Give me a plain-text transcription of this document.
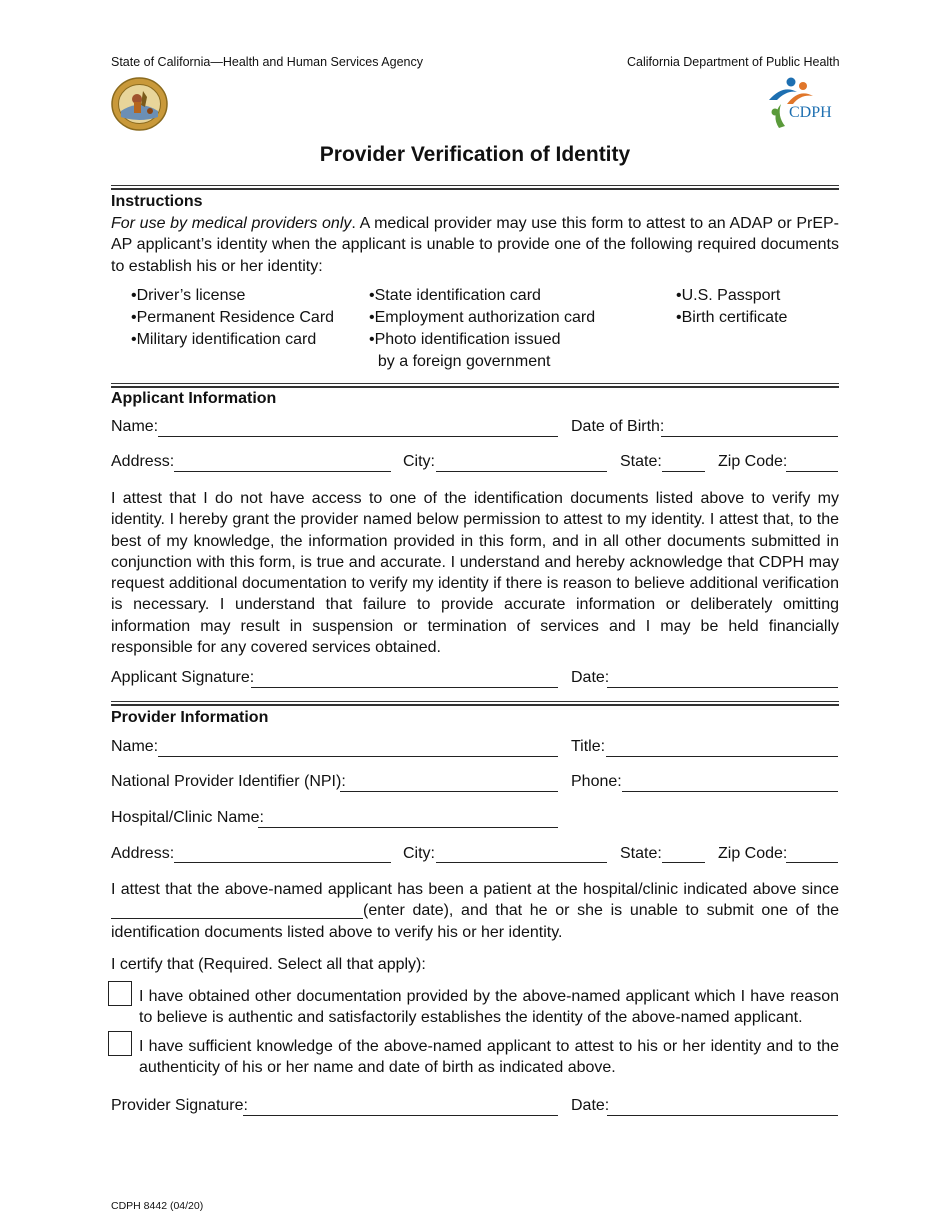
State of California—Health and Human Services Agency	California Department of Public Health
CDPH
Provider Verification of Identity
Instructions
For use by medical providers only. A medical provider may use this form to attest to an ADAP or PrEP-AP applicant’s identity when the applicant is unable to provide one of the following required documents to establish his or her identity:
•Driver’s license
•Permanent Residence Card
•Military identification card
•State identification card
•Employment authorization card
•Photo identification issued
by a foreign government
•U.S. Passport
•Birth certificate
Applicant Information
Name:	Date of Birth:
Address:	City:	State:	Zip Code:
I attest that I do not have access to one of the identification documents listed above to verify my identity. I hereby grant the provider named below permission to attest to my identity. I attest that, to the best of my knowledge, the information provided in this form, and in all other documents submitted in conjunction with this form, is true and accurate. I understand and hereby acknowledge that CDPH may request additional documentation to verify my identity if there is reason to believe additional verification is necessary. I understand that failure to provide accurate information or deliberately omitting information may result in suspension or termination of services and I may be held financially responsible for any covered services obtained.
Applicant Signature:	Date:
Provider Information
Name:	Title:
National Provider Identifier (NPI):	Phone:
Hospital/Clinic Name:
Address:	City:	State:	Zip Code:
I attest that the above-named applicant has been a patient at the hospital/clinic indicated above since
(enter date), and that he or she is unable to submit one of the
identification documents listed above to verify his or her identity.
I certify that (Required. Select all that apply):
I have obtained other documentation provided by the above-named applicant which I have reason to believe is authentic and satisfactorily establishes the identity of the above-named applicant.
I have sufficient knowledge of the above-named applicant to attest to his or her identity and to the authenticity of his or her name and date of birth as indicated above.
Provider Signature:	Date:
CDPH 8442 (04/20)
